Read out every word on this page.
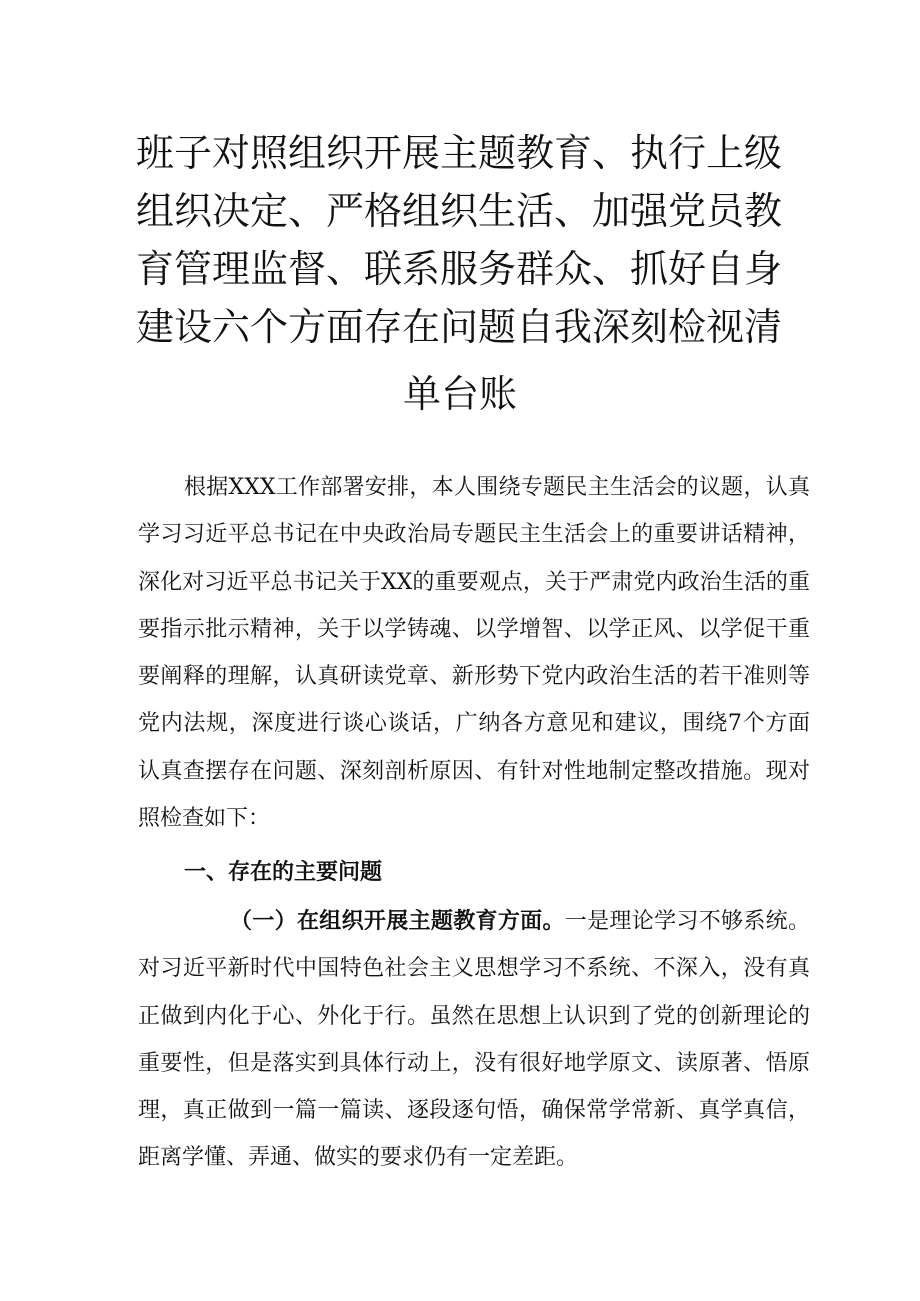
班子对照组织开展主题教育、执行上级组织决定、严格组织生活、加强党员教育管理监督、联系服务群众、抓好自身建设六个方面存在问题自我深刻检视清
单台账

根据XXX工作部署安排，本人围绕专题民主生活会的议题，认真学习习近平总书记在中央政治局专题民主生活会上的重要讲话精神，深化对习近平总书记关于XX的重要观点，关于严肃党内政治生活的重要指示批示精神，关于以学铸魂、以学增智、以学正风、以学促干重要阐释的理解，认真研读党章、新形势下党内政治生活的若干准则等党内法规，深度进行谈心谈话，广纳各方意见和建议，围绕7个方面认真查摆存在问题、深刻剖析原因、有针对性地制定整改措施。现对照检查如下：

一、存在的主要问题

（一）在组织开展主题教育方面。一是理论学习不够系统。对习近平新时代中国特色社会主义思想学习不系统、不深入，没有真正做到内化于心、外化于行。虽然在思想上认识到了党的创新理论的重要性，但是落实到具体行动上，没有很好地学原文、读原著、悟原理，真正做到一篇一篇读、逐段逐句悟，确保常学常新、真学真信，距离学懂、弄通、做实的要求仍有一定差距。
